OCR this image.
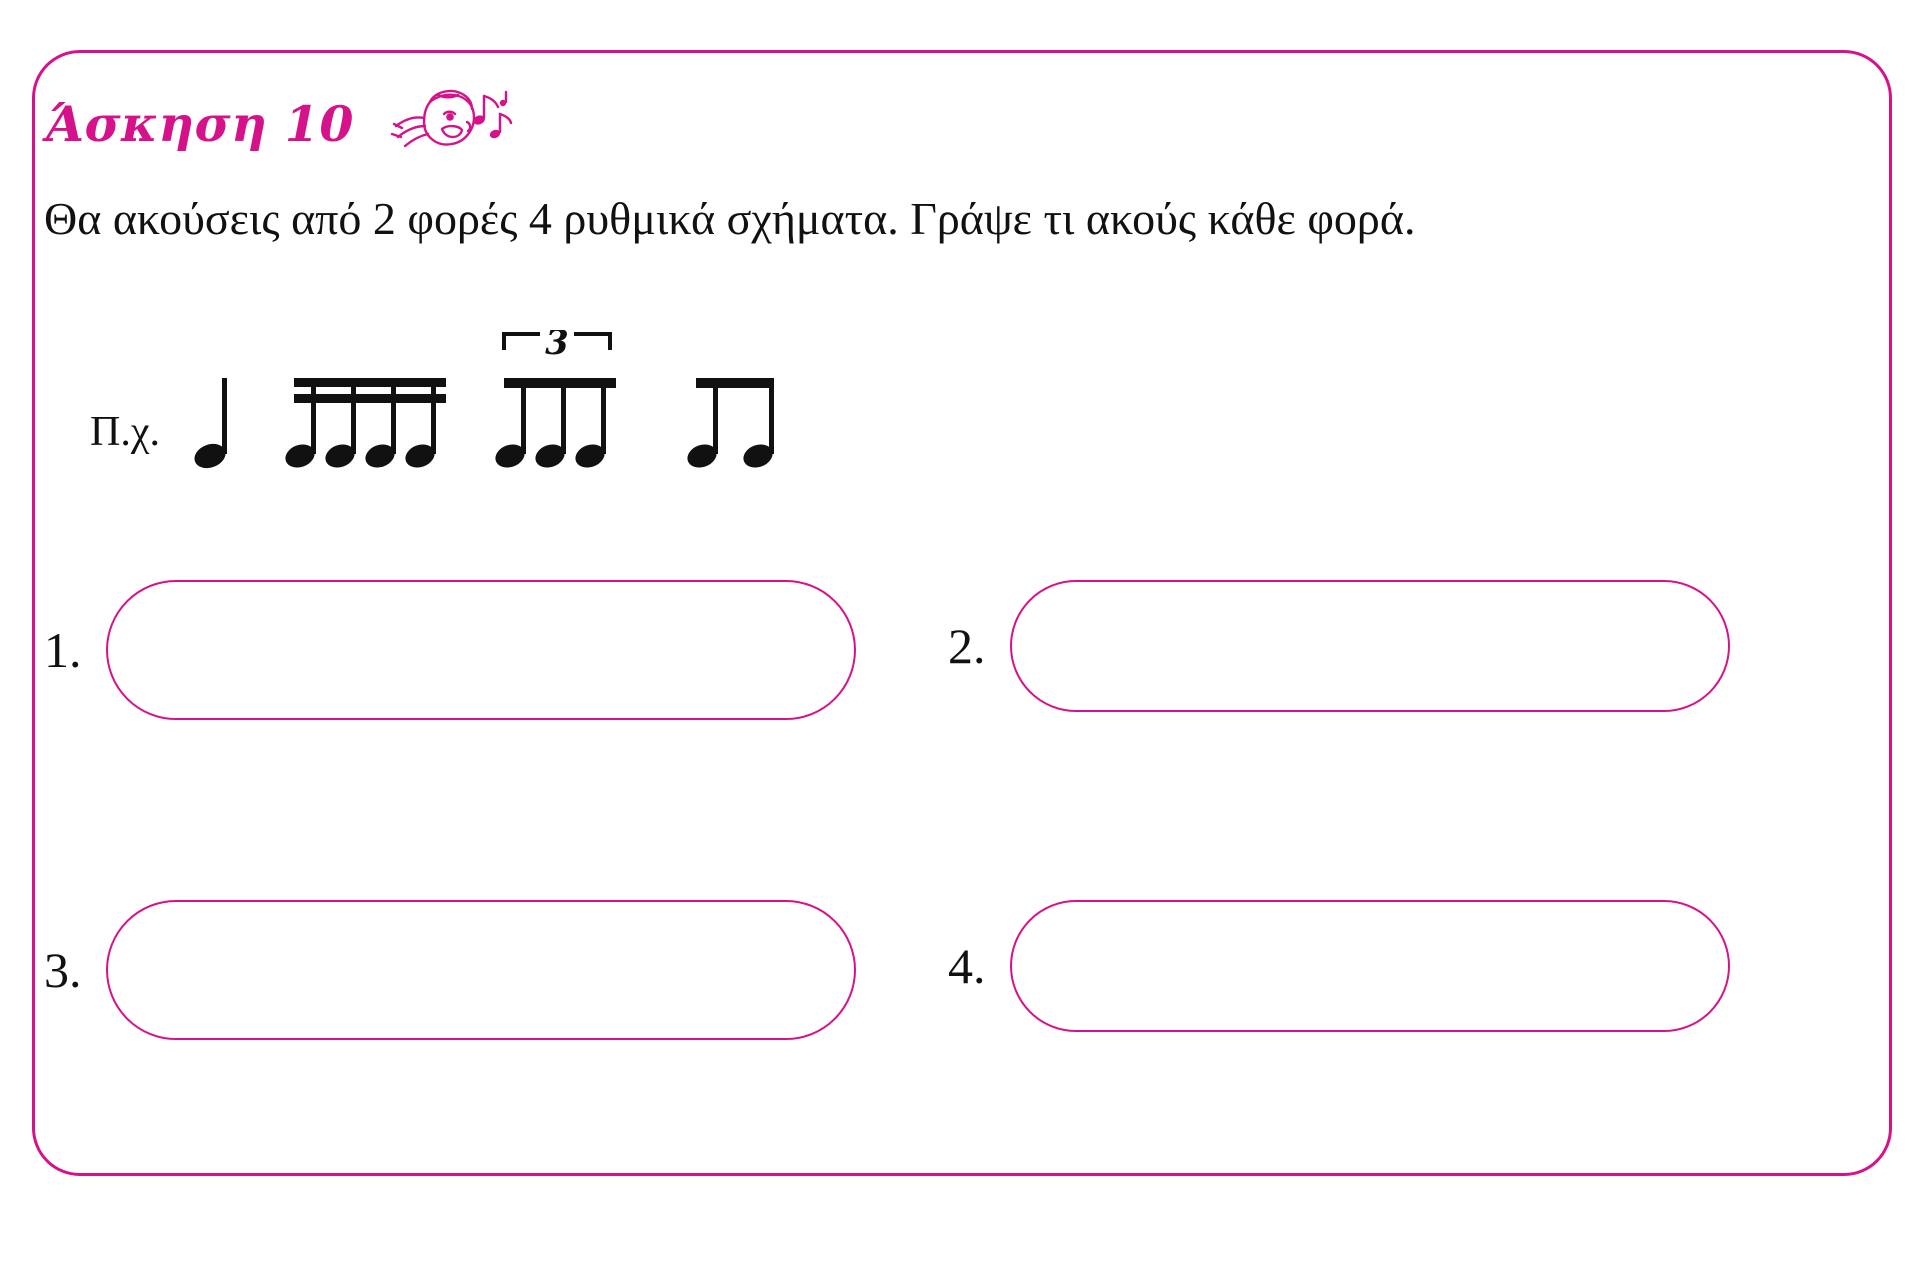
Άσκηση 10
Θα ακούσεις από 2 φορές 4 ρυθμικά σχήματα. Γράψε τι ακούς κάθε φορά.
Π.χ.
3
1.	2.
3.	4.
